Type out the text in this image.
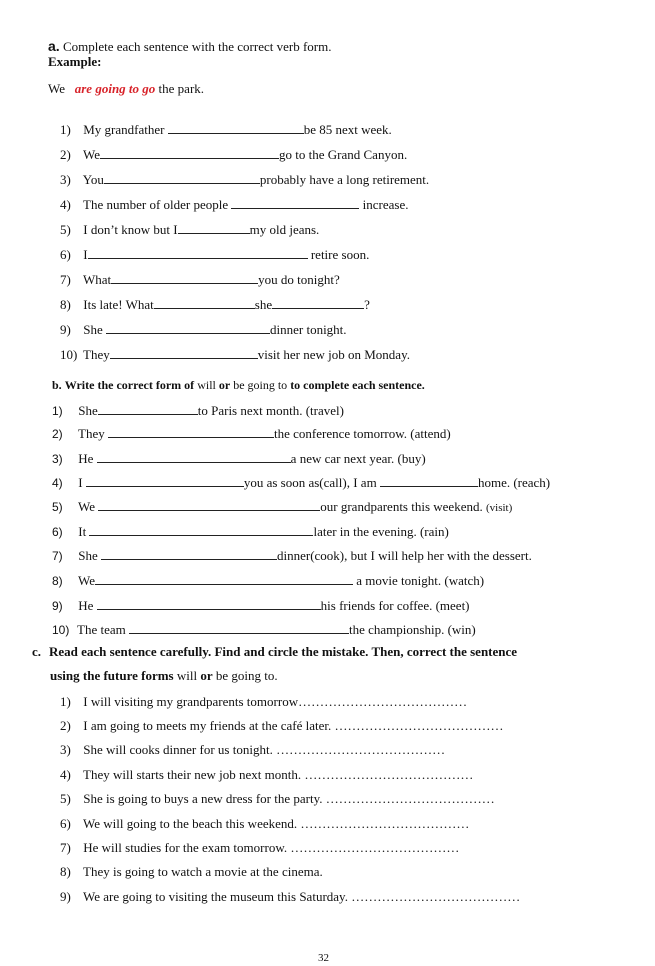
a. Complete each sentence with the correct verb form.
Example:
We are going to go the park.
1) My grandfather	be 85 next week.
2) We	go to the Grand Canyon.
3) You	probably have a long retirement.
4) The number of older people	increase.
5) I don’t know but I	my old jeans.
6) I	retire soon.
7) What	you do tonight?
8) Its late! What	she	?
9) She	dinner tonight.
10) They	visit her new job on Monday.
b. Write the correct form of will or be going to to complete each sentence.
1) She	to Paris next month. (travel)
2) They	the conference tomorrow. (attend)
3) He	a new car next year. (buy)
4) I	you as soon as(call), I am	home. (reach)
5) We	our grandparents this weekend. (visit)
6) It	later in the evening. (rain)
7) She	dinner(cook), but I will help her with the dessert.
8) We	a movie tonight. (watch)
9) He	his friends for coffee. (meet)
10) The team	the championship. (win)
c. Read each sentence carefully. Find and circle the mistake. Then, correct the sentence
using the future forms will or be going to.
1) I will visiting my grandparents tomorrow…………………………………
2) I am going to meets my friends at the café later. …………………………………
3) She will cooks dinner for us tonight. …………………………………
4) They will starts their new job next month. …………………………………
5) She is going to buys a new dress for the party. …………………………………
6) We will going to the beach this weekend. …………………………………
7) He will studies for the exam tomorrow. …………………………………
8) They is going to watch a movie at the cinema.
9) We are going to visiting the museum this Saturday. …………………………………
32
